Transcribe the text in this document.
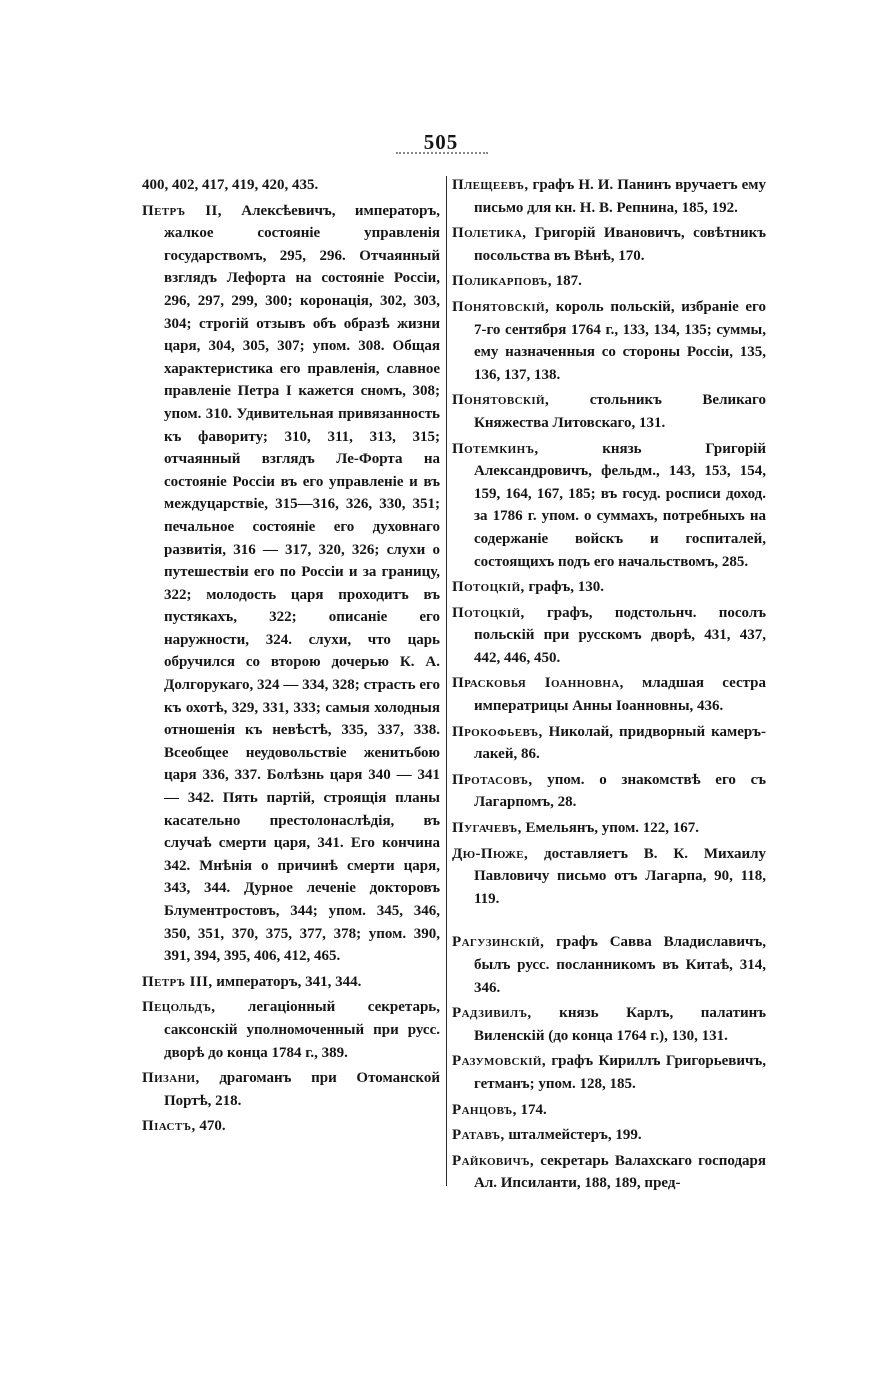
505

400, 402, 417, 419, 420, 435.

Петръ II, Алексѣевичъ, императоръ, жалкое состояніе управленія государствомъ, 295, 296. Отчаянный взглядъ Лефорта на состояніе Россіи, 296, 297, 299, 300; коронація, 302, 303, 304; строгій отзывъ объ образѣ жизни царя, 304, 305, 307; упом. 308. Общая характеристика его правленія, славное правленіе Петра I кажется сномъ, 308; упом. 310. Удивительная привязанность къ фавориту; 310, 311, 313, 315; отчаянный взглядъ Ле-Форта на состояніе Россіи въ его управленіе и въ междуцарствіе, 315—316, 326, 330, 351; печальное состояніе его духовнаго развитія, 316 — 317, 320, 326; слухи о путешествіи его по Россіи и за границу, 322; молодость царя проходитъ въ пустякахъ, 322; описаніе его наружности, 324. слухи, что царь обручился со второю дочерью К. А. Долгорукаго, 324 — 334, 328; страсть его къ охотѣ, 329, 331, 333; самыя холодныя отношенія къ невѣстѣ, 335, 337, 338. Всеобщее неудовольствіе женитьбою царя 336, 337. Болѣзнь царя 340 — 341 — 342. Пять партій, строящія планы касательно престолонаслѣдія, въ случаѣ смерти царя, 341. Его кончина 342. Мнѣнія о причинѣ смерти царя, 343, 344. Дурное леченіе докторовъ Блументростовъ, 344; упом. 345, 346, 350, 351, 370, 375, 377, 378; упом. 390, 391, 394, 395, 406, 412, 465.

Петръ III, императоръ, 341, 344.

Пецольдъ, легаціонный секретарь, саксонскій уполномоченный при русс. дворѣ до конца 1784 г., 389.

Пизани, драгоманъ при Отоманской Портѣ, 218.

Піастъ, 470.

Плещеевъ, графъ Н. И. Панинъ вручаетъ ему письмо для кн. Н. В. Репнина, 185, 192.

Полетика, Григорій Ивановичъ, совѣтникъ посольства въ Вѣнѣ, 170.

Поликарповъ, 187.

Понятовскій, король польскій, избраніе его 7-го сентября 1764 г., 133, 134, 135; суммы, ему назначенныя со стороны Россіи, 135, 136, 137, 138.

Понятовскій, стольникъ Великаго Княжества Литовскаго, 131.

Потемкинъ, князь Григорій Александровичъ, фельдм., 143, 153, 154, 159, 164, 167, 185; въ госуд. росписи доход. за 1786 г. упом. о суммахъ, потребныхъ на содержаніе войскъ и госпиталей, состоящихъ подъ его начальствомъ, 285.

Потоцкій, графъ, 130.

Потоцкій, графъ, подстольнч. посолъ польскій при русскомъ дворѣ, 431, 437, 442, 446, 450.

Прасковья Іоанновна, младшая сестра императрицы Анны Іоанновны, 436.

Прокофьевъ, Николай, придворный камеръ-лакей, 86.

Протасовъ, упом. о знакомствѣ его съ Лагарпомъ, 28.

Пугачевъ, Емельянъ, упом. 122, 167.

Дю-Пюже, доставляетъ В. К. Михаилу Павловичу письмо отъ Лагарпа, 90, 118, 119.

Рагузинскій, графъ Савва Владиславичъ, былъ русс. посланникомъ въ Китаѣ, 314, 346.

Радзивилъ, князь Карлъ, палатинъ Виленскій (до конца 1764 г.), 130, 131.

Разумовскій, графъ Кириллъ Григорьевичъ, гетманъ; упом. 128, 185.

Ранцовъ, 174.

Ратавъ, шталмейстеръ, 199.

Райковичъ, секретарь Валахскаго господаря Ал. Ипсиланти, 188, 189, пред-
